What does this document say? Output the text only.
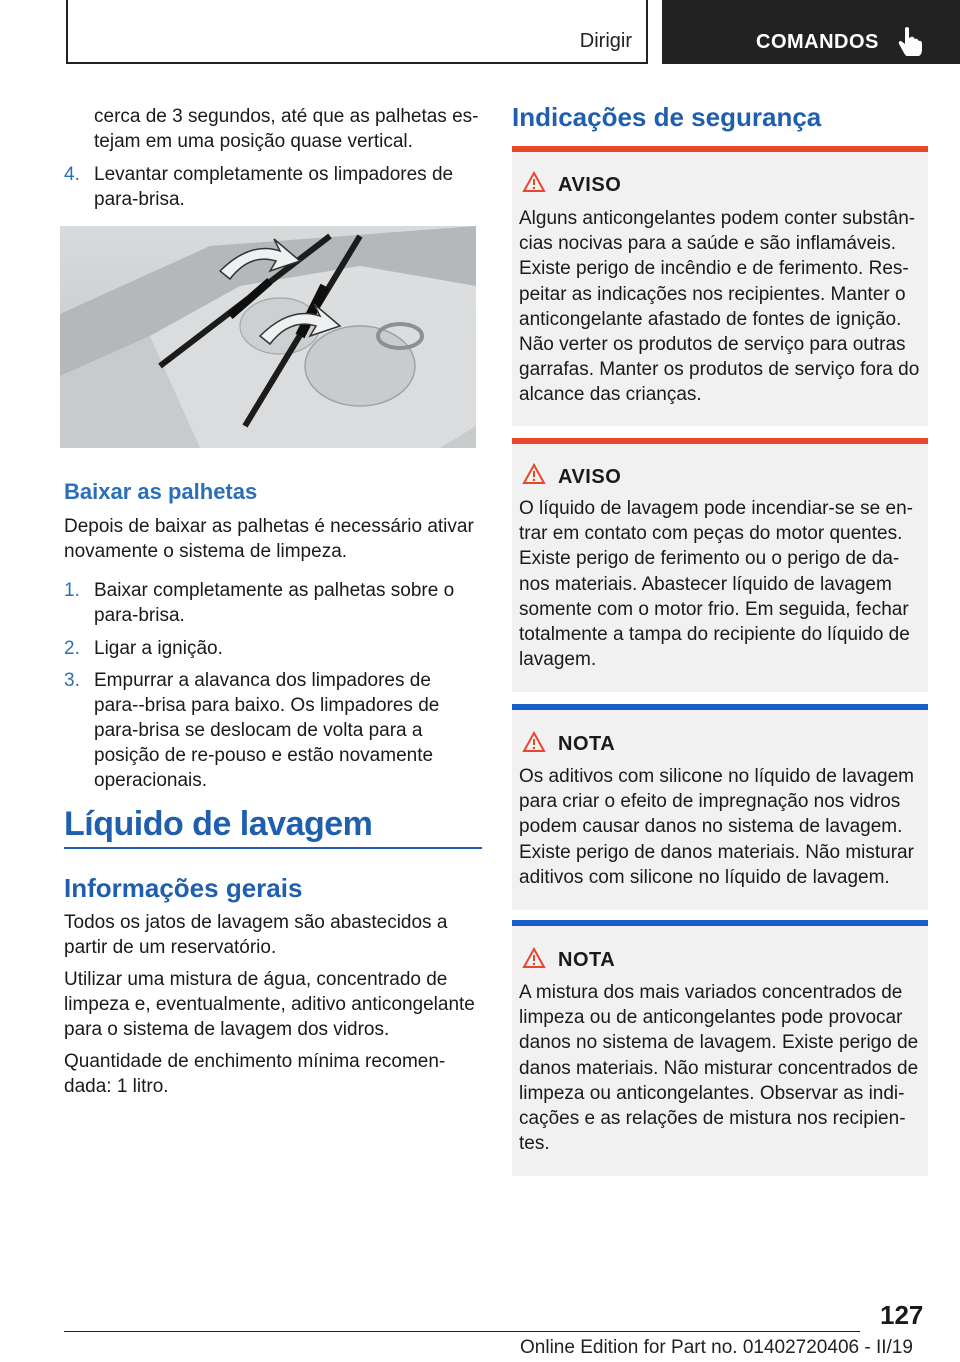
Dirigir	COMANDOS

cerca de 3 segundos, até que as palhetas es‐

tejam em uma posição quase vertical.

4. Levantar completamente os limpadores de para-brisa.
Baixar as palhetas
Depois de baixar as palhetas é necessário ativar novamente o sistema de limpeza.
1. Baixar completamente as palhetas sobre o para-brisa.
2. Ligar a ignição.
3. Empurrar a alavanca dos limpadores de para-‐brisa para baixo. Os limpadores de para-brisa se deslocam de volta para a posição de re‐pouso e estão novamente operacionais.
Líquido de lavagem
Informações gerais
Todos os jatos de lavagem são abastecidos a partir de um reservatório.
Utilizar uma mistura de água, concentrado de limpeza e, eventualmente, aditivo anticongelante para o sistema de lavagem dos vidros.
Quantidade de enchimento mínima recomen‐dada: 1 litro.
Indicações de segurança
AVISO
Alguns anticongelantes podem conter substân‐cias nocivas para a saúde e são inflamáveis. Existe perigo de incêndio e de ferimento. Res‐peitar as indicações nos recipientes. Manter o anticongelante afastado de fontes de ignição. Não verter os produtos de serviço para outras garrafas. Manter os produtos de serviço fora do alcance das crianças.
AVISO
O líquido de lavagem pode incendiar-se se en‐trar em contato com peças do motor quentes. Existe perigo de ferimento ou o perigo de da‐nos materiais. Abastecer líquido de lavagem somente com o motor frio. Em seguida, fechar totalmente a tampa do recipiente do líquido de lavagem.
NOTA
Os aditivos com silicone no líquido de lavagem para criar o efeito de impregnação nos vidros podem causar danos no sistema de lavagem. Existe perigo de danos materiais. Não misturar aditivos com silicone no líquido de lavagem.
NOTA
A mistura dos mais variados concentrados de limpeza ou de anticongelantes pode provocar danos no sistema de lavagem. Existe perigo de danos materiais. Não misturar concentrados de limpeza ou anticongelantes. Observar as indi‐cações e as relações de mistura nos recipien‐tes.
127
Online Edition for Part no. 01402720406 - II/19
